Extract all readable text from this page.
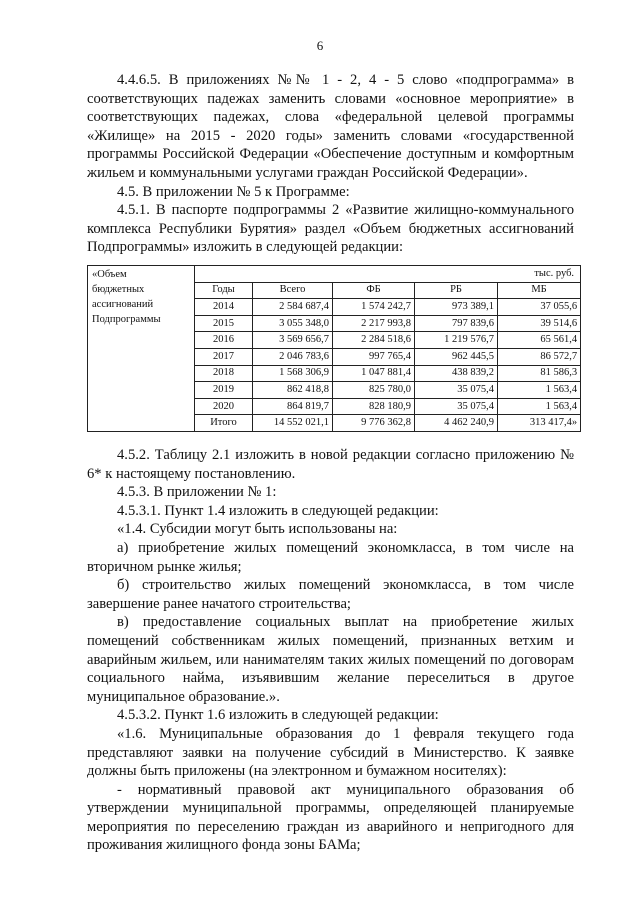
6

4.4.6.5. В приложениях №№ 1 - 2, 4 - 5 слово «подпрограмма» в соответствующих падежах заменить словами «основное мероприятие» в соответствующих падежах, слова «федеральной целевой программы «Жилище» на 2015 - 2020 годы» заменить словами «государственной программы Российской Федерации «Обеспечение доступным и комфортным жильем и коммунальными услугами граждан Российской Федерации».

4.5. В приложении № 5 к Программе:

4.5.1. В паспорте подпрограммы 2 «Развитие жилищно-коммунального комплекса Республики Бурятия» раздел «Объем бюджетных ассигнований Подпрограммы» изложить в следующей редакции:

«Объем
бюджетных
ассигнований
Подпрограммы	тыс. руб.				
	Годы	Всего	ФБ	РБ	МБ
	2014	2 584 687,4	1 574 242,7	973 389,1	37 055,6
	2015	3 055 348,0	2 217 993,8	797 839,6	39 514,6
	2016	3 569 656,7	2 284 518,6	1 219 576,7	65 561,4
	2017	2 046 783,6	997 765,4	962 445,5	86 572,7
	2018	1 568 306,9	1 047 881,4	438 839,2	81 586,3
	2019	862 418,8	825 780,0	35 075,4	1 563,4
	2020	864 819,7	828 180,9	35 075,4	1 563,4
	Итого	14 552 021,1	9 776 362,8	4 462 240,9	313 417,4»

4.5.2. Таблицу 2.1 изложить в новой редакции согласно приложению № 6* к настоящему постановлению.

4.5.3. В приложении № 1:

4.5.3.1. Пункт 1.4 изложить в следующей редакции:

«1.4. Субсидии могут быть использованы на:

а) приобретение жилых помещений экономкласса, в том числе на вторичном рынке жилья;

б) строительство жилых помещений экономкласса, в том числе завершение ранее начатого строительства;

в) предоставление социальных выплат на приобретение жилых помещений собственникам жилых помещений, признанных ветхим и аварийным жильем, или нанимателям таких жилых помещений по договорам социального найма, изъявившим желание переселиться в другое муниципальное образование.».

4.5.3.2. Пункт 1.6 изложить в следующей редакции:

«1.6. Муниципальные образования до 1 февраля текущего года представляют заявки на получение субсидий в Министерство. К заявке должны быть приложены (на электронном и бумажном носителях):

- нормативный правовой акт муниципального образования об утверждении муниципальной программы, определяющей планируемые мероприятия по переселению граждан из аварийного и непригодного для проживания жилищного фонда зоны БАМа;
